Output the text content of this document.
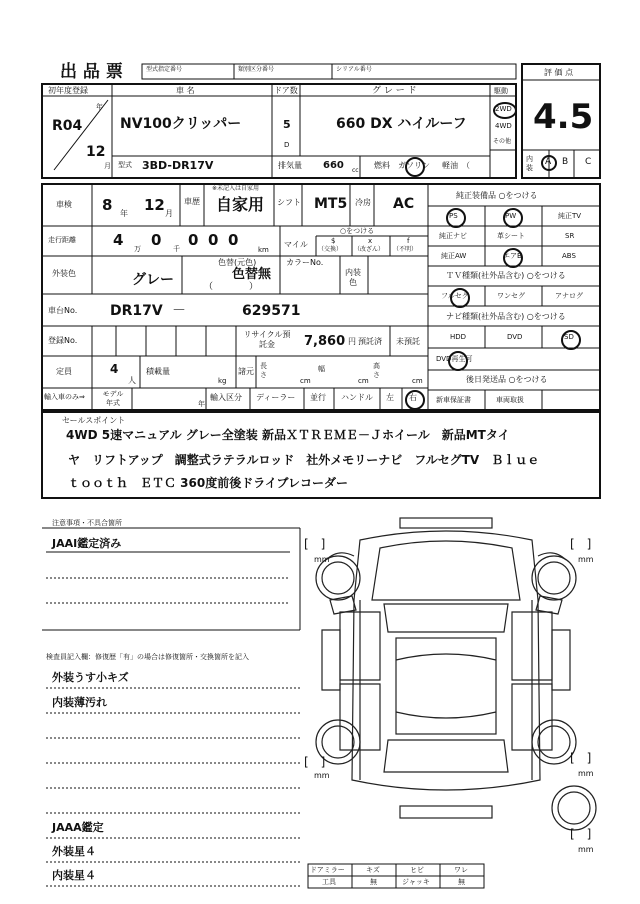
出 品 票	型式指定番号	類別区分番号	シリアル番号	評 価 点
4.5
内装
A B C
初年度登録
年
R04
12
月
車 名
NV100クリッパー
ドア数
5
D
グ レ ー ド
660 DX ハイルーフ
駆動
2WD
4WD
その他
型式 3BD-DR17V	排気量 660 cc
燃料 ガソリン 軽油 （
車検 8 年 12 月
車歴
※未記入は自家用
自家用 シフト MT5 冷房 AC
走行距離 4 万 0 千 0 0 0
km
マイル
○をつける
$
（交換）
x
（改ざん）
f
（不明）
外装色	グレー
色替(元色)
色替無
（　　　　）
カラーNo.
内装色
車台No. DR17V －	629571
登録No.
リサイクル預託金	7,860 円 預託済 未預託
定員	4
人
積載量
kg
諸元
長さ
cm
幅
cm
高さ
cm
輸入車のみ⇒	モデル年式	年
輸入区分 ディーラー 並行 ハンドル 左 右
純正装備品 ○をつける
PS	PW	純正TV
純正ナビ	革シート	SR
純正AW	エアB	ABS
ＴＶ種類(社外品含む) ○をつける
フルセグ	ワンセグ	アナログ
ナビ種類(社外品含む) ○をつける
HDD	DVD	SD
DVD再生可
後日発送品 ○をつける
新車保証書	車両取扱
セールスポイント
4WD 5速マニュアル グレー全塗装 新品ＸＴＲＥＭＥ－Ｊホイール　新品MTタイ
ヤ　リフトアップ　調整式ラテラルロッド　社外メモリーナビ　フルセグTV　Ｂｌｕｅ
ｔｏｏｔｈ　ＥＴＣ 360度前後ドライブレコーダー
注意事項・不具合箇所
JAAI鑑定済み
検査員記入欄：修復歴「有」の場合は修復箇所・交換箇所を記入
外装うす小キズ
内装薄汚れ
JAAA鑑定
外装星４
内装星４
[　]
mm
[　]
mm
[　]
mm
[　]
mm
[　]
mm
ドアミラー	キズ	ヒビ	ワレ
工具	無	ジャッキ	無
